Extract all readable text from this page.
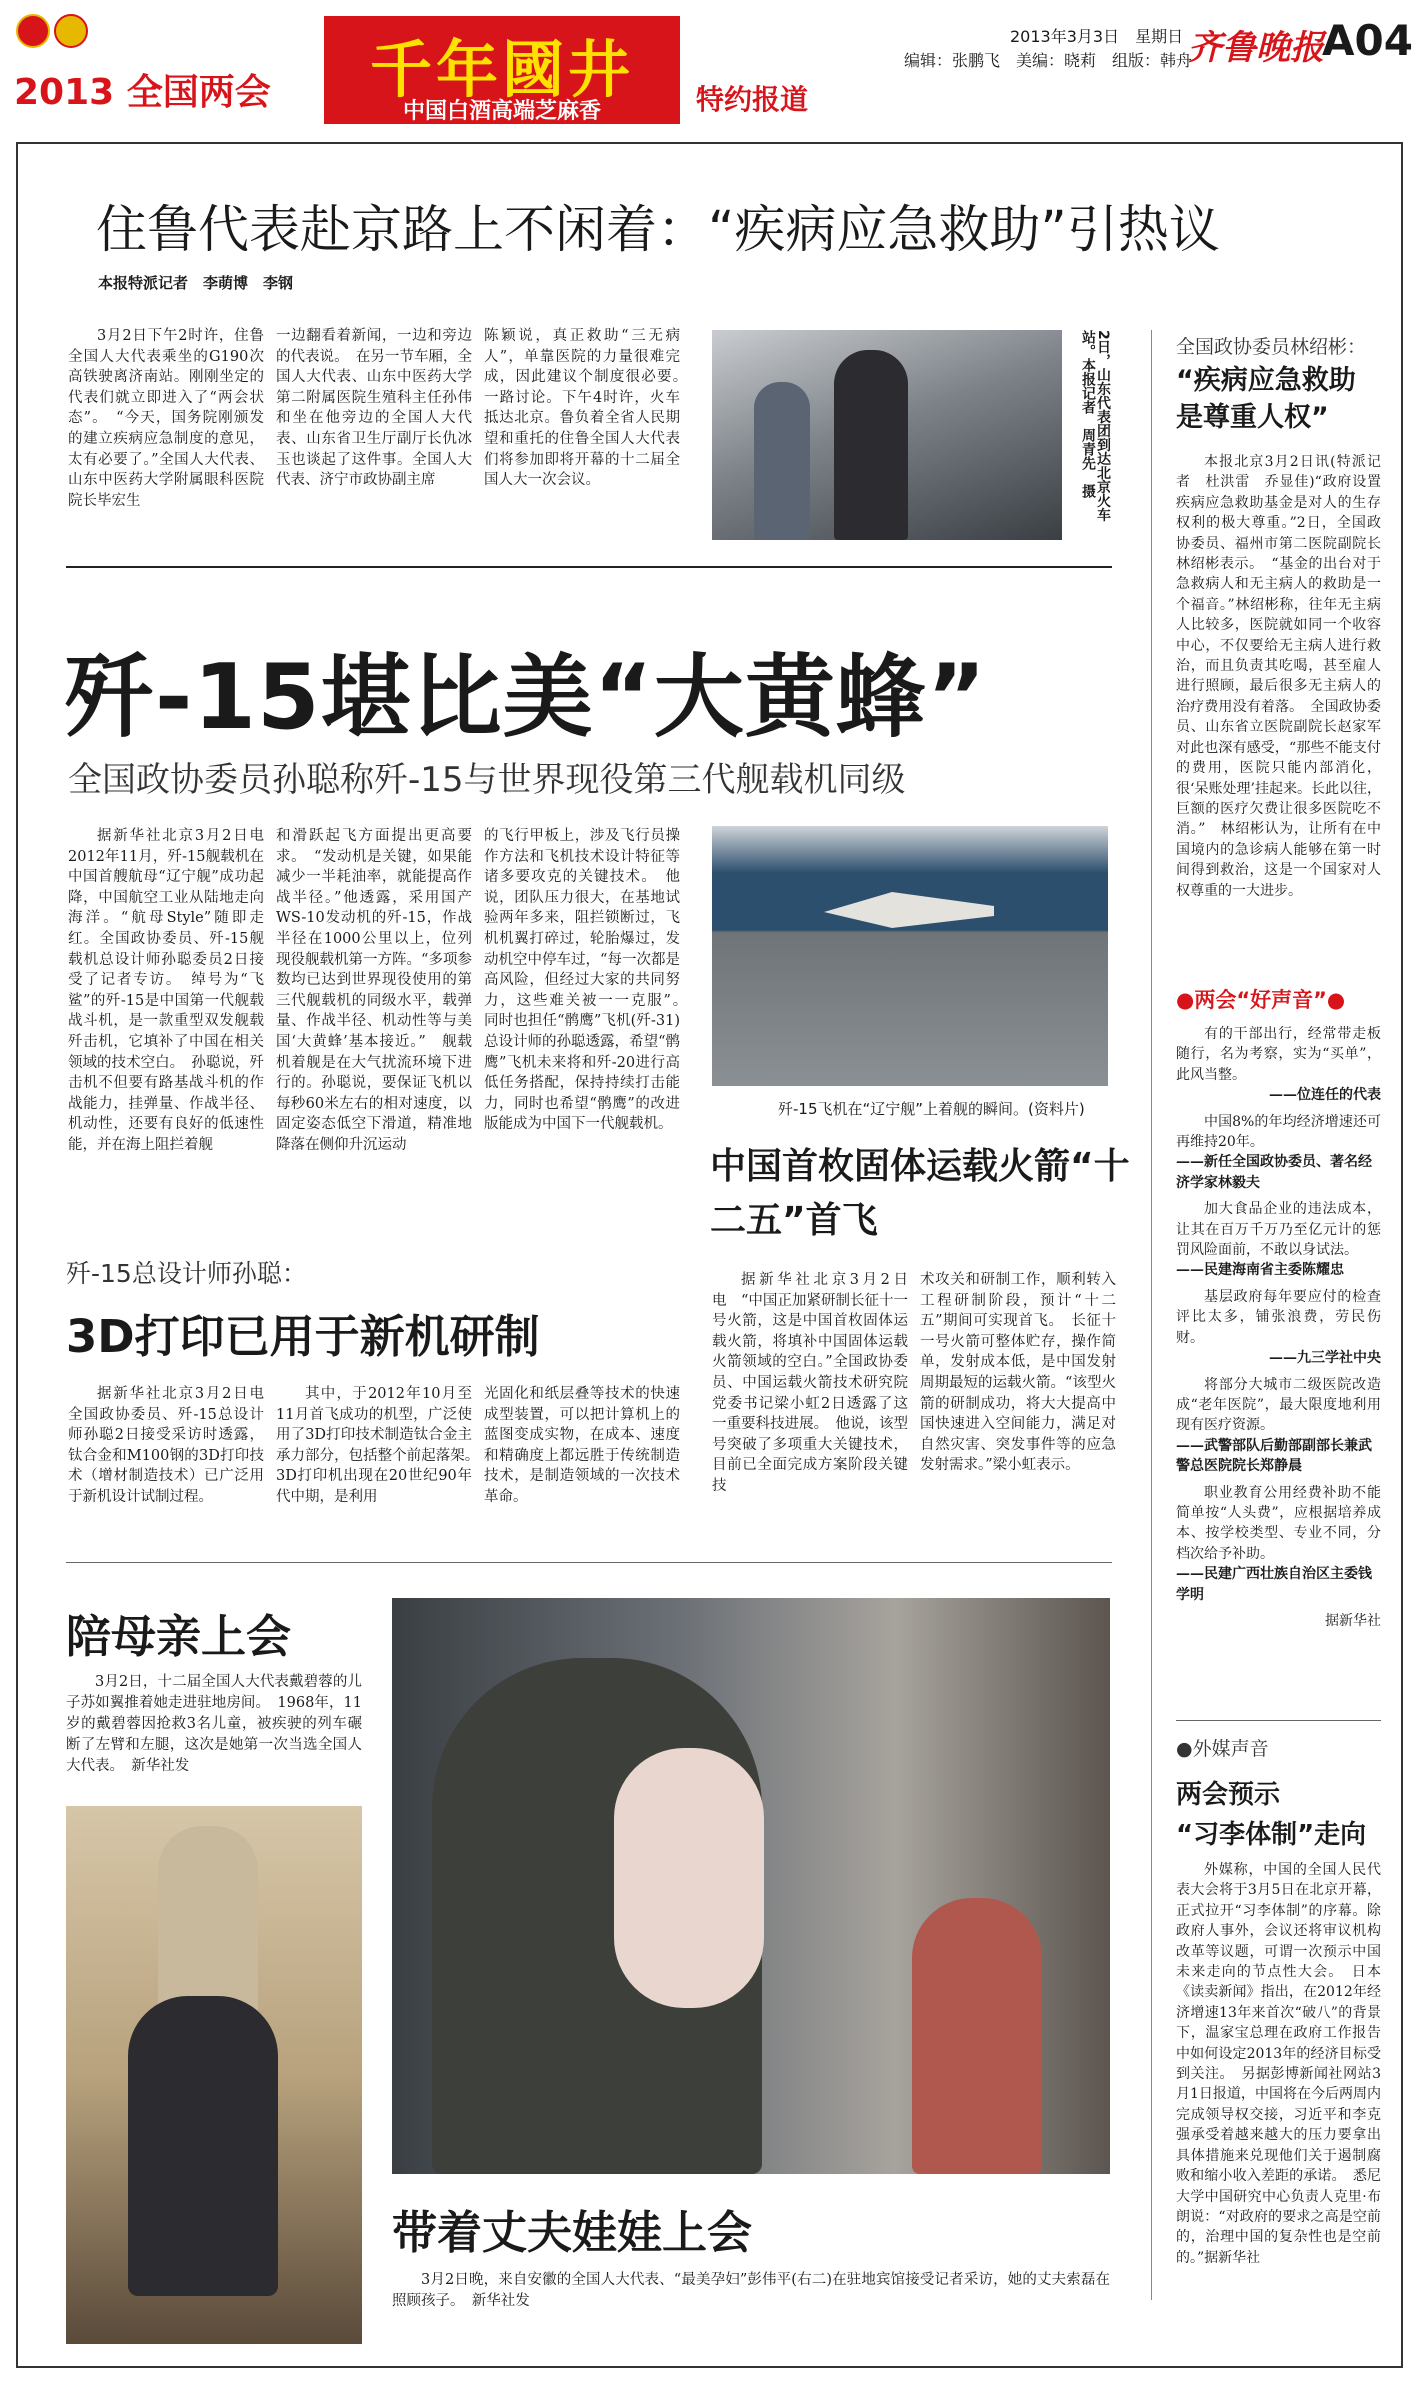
2013 全国两会	千年國井
中国白酒高端芝麻香	特约报道
2013年3月3日　星期日
编辑：张鹏飞　美编：晓莉　组版：韩舟
齐鲁晚报
A04
住鲁代表赴京路上不闲着：“疾病应急救助”引热议
本报特派记者　李萌博　李钢

3月2日下午2时许，住鲁全国人大代表乘坐的G190次高铁驶离济南站。刚刚坐定的代表们就立即进入了“两会状态”。　“今天，国务院刚颁发的建立疾病应急制度的意见，太有必要了。”全国人大代表、山东中医药大学附属眼科医院院长毕宏生

一边翻看着新闻，一边和旁边的代表说。　在另一节车厢，全国人大代表、山东中医药大学第二附属医院生殖科主任孙伟和坐在他旁边的全国人大代表、山东省卫生厅副厅长仇冰玉也谈起了这件事。全国人大代表、济宁市政协副主席

陈颖说，真正救助“三无病人”，单靠医院的力量很难完成，因此建议个制度很必要。　一路讨论。下午4时许，火车抵达北京。鲁负着全省人民期望和重托的住鲁全国人大代表们将参加即将开幕的十二届全国人大一次会议。	2日，山东代表团到达北京火车站。本报记者　周青先　摄	全国政协委员林绍彬：
“疾病应急救助是尊重人权”

本报北京3月2日讯(特派记者　杜洪雷　乔显佳)“政府设置疾病应急救助基金是对人的生存权利的极大尊重。”2日，全国政协委员、福州市第二医院副院长林绍彬表示。　“基金的出台对于急救病人和无主病人的救助是一个福音。”林绍彬称，往年无主病人比较多，医院就如同一个收容中心，不仅要给无主病人进行救治，而且负责其吃喝，甚至雇人进行照顾，最后很多无主病人的治疗费用没有着落。　全国政协委员、山东省立医院副院长赵家军对此也深有感受，“那些不能支付的费用，医院只能内部消化，很‘呆账处理’挂起来。长此以往，巨额的医疗欠费让很多医院吃不消。”　林绍彬认为，让所有在中国境内的急诊病人能够在第一时间得到救治，这是一个国家对人权尊重的一大进步。

歼-15堪比美“大黄蜂”
全国政协委员孙聪称歼-15与世界现役第三代舰载机同级

据新华社北京3月2日电　2012年11月，歼-15舰载机在中国首艘航母“辽宁舰”成功起降，中国航空工业从陆地走向海洋。“航母Style”随即走红。全国政协委员、歼-15舰载机总设计师孙聪委员2日接受了记者专访。　绰号为“飞鲨”的歼-15是中国第一代舰载战斗机，是一款重型双发舰载歼击机，它填补了中国在相关领域的技术空白。　孙聪说，歼击机不但要有路基战斗机的作战能力，挂弹量、作战半径、机动性，还要有良好的低速性能，并在海上阻拦着舰

和滑跃起飞方面提出更高要求。　“发动机是关键，如果能减少一半耗油率，就能提高作战半径。”他透露，采用国产WS-10发动机的歼-15，作战半径在1000公里以上，位列现役舰载机第一方阵。“多项参数均已达到世界现役使用的第三代舰载机的同级水平，载弹量、作战半径、机动性等与美国‘大黄蜂’基本接近。”　舰载机着舰是在大气扰流环境下进行的。孙聪说，要保证飞机以每秒60米左右的相对速度，以固定姿态低空下滑道，精准地降落在侧仰升沉运动

的飞行甲板上，涉及飞行员操作方法和飞机技术设计特征等诸多要攻克的关键技术。　他说，团队压力很大，在基地试验两年多来，阻拦锁断过，飞机机翼打碎过，轮胎爆过，发动机空中停车过，“每一次都是高风险，但经过大家的共同努力，这些难关被一一克服”。　同时也担任“鹘鹰”飞机(歼-31)总设计师的孙聪透露，希望“鹘鹰”飞机未来将和歼-20进行高低任务搭配，保持持续打击能力，同时也希望“鹘鹰”的改进版能成为中国下一代舰载机。

歼-15飞机在“辽宁舰”上着舰的瞬间。(资料片)
中国首枚固体运载火箭“十二五”首飞

据新华社北京3月2日电　“中国正加紧研制长征十一号火箭，这是中国首枚固体运载火箭，将填补中国固体运载火箭领域的空白。”全国政协委员、中国运载火箭技术研究院党委书记梁小虹2日透露了这一重要科技进展。　他说，该型号突破了多项重大关键技术，目前已全面完成方案阶段关键技

术攻关和研制工作，顺利转入工程研制阶段，预计“十二五”期间可实现首飞。　长征十一号火箭可整体贮存，操作简单，发射成本低，是中国发射周期最短的运载火箭。“该型火箭的研制成功，将大大提高中国快速进入空间能力，满足对自然灾害、突发事件等的应急发射需求。”梁小虹表示。

歼-15总设计师孙聪：
3D打印已用于新机研制

据新华社北京3月2日电　全国政协委员、歼-15总设计师孙聪2日接受采访时透露，钛合金和M100钢的3D打印技术（增材制造技术）已广泛用于新机设计试制过程。

其中，于2012年10月至11月首飞成功的机型，广泛使用了3D打印技术制造钛合金主承力部分，包括整个前起落架。　3D打印机出现在20世纪90年代中期，是利用

光固化和纸层叠等技术的快速成型装置，可以把计算机上的蓝图变成实物，在成本、速度和精确度上都远胜于传统制造技术，是制造领域的一次技术革命。

●两会“好声音”●
有的干部出行，经常带走板随行，名为考察，实为“买单”，此风当整。
——位连任的代表
中国8%的年均经济增速还可再维持20年。
——新任全国政协委员、著名经济学家林毅夫
加大食品企业的违法成本，让其在百万千万乃至亿元计的惩罚风险面前，不敢以身试法。
——民建海南省主委陈耀忠
基层政府每年要应付的检查评比太多，铺张浪费，劳民伤财。
——九三学社中央
将部分大城市二级医院改造成“老年医院”，最大限度地利用现有医疗资源。
——武警部队后勤部副部长兼武警总医院院长郑静晨
职业教育公用经费补助不能简单按“人头费”，应根据培养成本、按学校类型、专业不同，分档次给予补助。
——民建广西壮族自治区主委钱学明
据新华社
●外媒声音
两会预示
“习李体制”走向

外媒称，中国的全国人民代表大会将于3月5日在北京开幕，正式拉开“习李体制”的序幕。除政府人事外，会议还将审议机构改革等议题，可谓一次预示中国未来走向的节点性大会。　日本《读卖新闻》指出，在2012年经济增速13年来首次“破八”的背景下，温家宝总理在政府工作报告中如何设定2013年的经济目标受到关注。　另据彭博新闻社网站3月1日报道，中国将在今后两周内完成领导权交接，习近平和李克强承受着越来越大的压力要拿出具体措施来兑现他们关于遏制腐败和缩小收入差距的承诺。　悉尼大学中国研究中心负责人克里·布朗说：“对政府的要求之高是空前的，治理中国的复杂性也是空前的。”据新华社

陪母亲上会

3月2日，十二届全国人大代表戴碧蓉的儿子苏如翼推着她走进驻地房间。　1968年，11岁的戴碧蓉因抢救3名儿童，被疾驶的列车碾断了左臂和左腿，这次是她第一次当选全国人大代表。　新华社发

带着丈夫娃娃上会

3月2日晚，来自安徽的全国人大代表、“最美孕妇”彭伟平(右二)在驻地宾馆接受记者采访，她的丈夫索磊在照顾孩子。　新华社发
